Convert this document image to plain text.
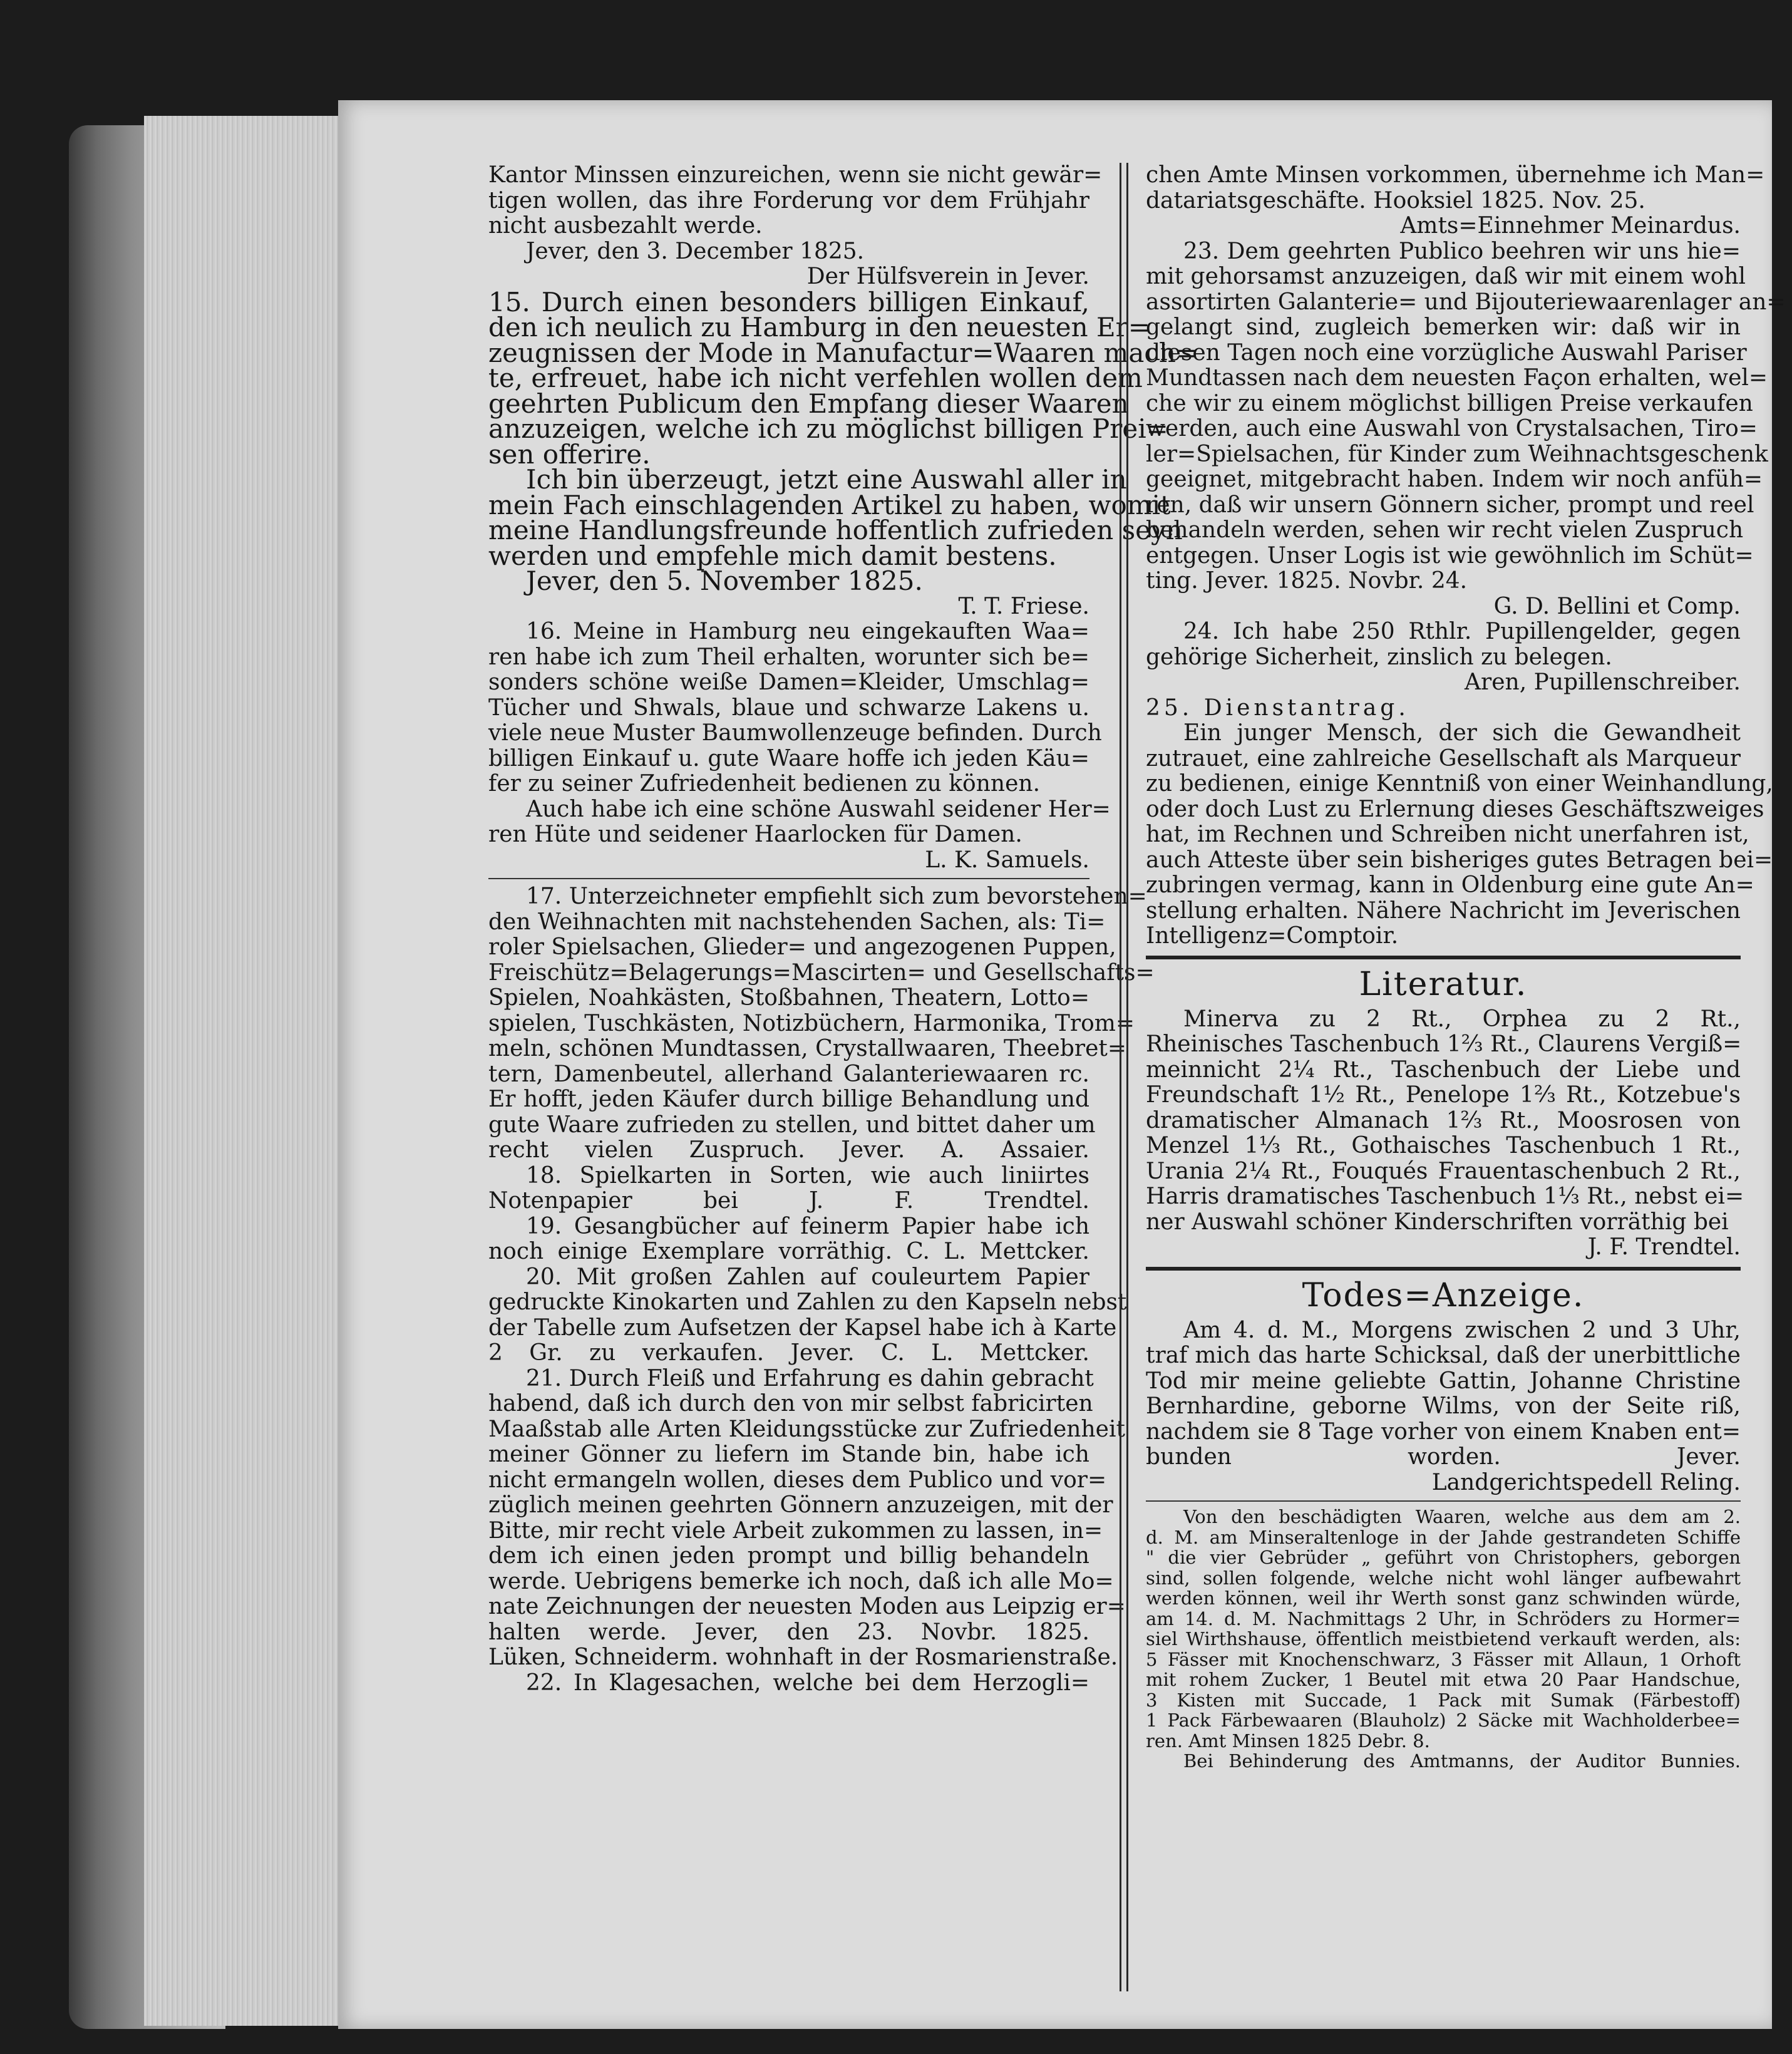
Kantor Minssen einzureichen, wenn sie nicht gewär=
tigen wollen, das ihre Forderung vor dem Frühjahr
nicht ausbezahlt werde.
Jever, den 3. December 1825.
Der Hülfsverein in Jever.
15. Durch einen besonders billigen Einkauf,
den ich neulich zu Hamburg in den neuesten Er=
zeugnissen der Mode in Manufactur=Waaren mach=
te, erfreuet, habe ich nicht verfehlen wollen dem
geehrten Publicum den Empfang dieser Waaren
anzuzeigen, welche ich zu möglichst billigen Prei=
sen offerire.
Ich bin überzeugt, jetzt eine Auswahl aller in
mein Fach einschlagenden Artikel zu haben, womit
meine Handlungsfreunde hoffentlich zufrieden seyn
werden und empfehle mich damit bestens.
Jever, den 5. November 1825.
T. T. Friese.
16. Meine in Hamburg neu eingekauften Waa=
ren habe ich zum Theil erhalten, worunter sich be=
sonders schöne weiße Damen=Kleider, Umschlag=
Tücher und Shwals, blaue und schwarze Lakens u.
viele neue Muster Baumwollenzeuge befinden. Durch
billigen Einkauf u. gute Waare hoffe ich jeden Käu=
fer zu seiner Zufriedenheit bedienen zu können.
Auch habe ich eine schöne Auswahl seidener Her=
ren Hüte und seidener Haarlocken für Damen.
L. K. Samuels.
17. Unterzeichneter empfiehlt sich zum bevorstehen=
den Weihnachten mit nachstehenden Sachen, als: Ti=
roler Spielsachen, Glieder= und angezogenen Puppen,
Freischütz=Belagerungs=Mascirten= und Gesellschafts=
Spielen, Noahkästen, Stoßbahnen, Theatern, Lotto=
spielen, Tuschkästen, Notizbüchern, Harmonika, Trom=
meln, schönen Mundtassen, Crystallwaaren, Theebret=
tern, Damenbeutel, allerhand Galanteriewaaren rc.
Er hofft, jeden Käufer durch billige Behandlung und
gute Waare zufrieden zu stellen, und bittet daher um
recht vielen Zuspruch. Jever. A. Assaier.
18. Spielkarten in Sorten, wie auch liniirtes
Notenpapier bei J. F. Trendtel.
19. Gesangbücher auf feinerm Papier habe ich
noch einige Exemplare vorräthig. C. L. Mettcker.
20. Mit großen Zahlen auf couleurtem Papier
gedruckte Kinokarten und Zahlen zu den Kapseln nebst
der Tabelle zum Aufsetzen der Kapsel habe ich à Karte
2 Gr. zu verkaufen. Jever. C. L. Mettcker.
21. Durch Fleiß und Erfahrung es dahin gebracht
habend, daß ich durch den von mir selbst fabricirten
Maaßstab alle Arten Kleidungsstücke zur Zufriedenheit
meiner Gönner zu liefern im Stande bin, habe ich
nicht ermangeln wollen, dieses dem Publico und vor=
züglich meinen geehrten Gönnern anzuzeigen, mit der
Bitte, mir recht viele Arbeit zukommen zu lassen, in=
dem ich einen jeden prompt und billig behandeln
werde. Uebrigens bemerke ich noch, daß ich alle Mo=
nate Zeichnungen der neuesten Moden aus Leipzig er=
halten werde. Jever, den 23. Novbr. 1825.
Lüken, Schneiderm. wohnhaft in der Rosmarienstraße.
22. In Klagesachen, welche bei dem Herzogli=
chen Amte Minsen vorkommen, übernehme ich Man=
datariatsgeschäfte. Hooksiel 1825. Nov. 25.
Amts=Einnehmer Meinardus.
23. Dem geehrten Publico beehren wir uns hie=
mit gehorsamst anzuzeigen, daß wir mit einem wohl
assortirten Galanterie= und Bijouteriewaarenlager an=
gelangt sind, zugleich bemerken wir: daß wir in
diesen Tagen noch eine vorzügliche Auswahl Pariser
Mundtassen nach dem neuesten Façon erhalten, wel=
che wir zu einem möglichst billigen Preise verkaufen
werden, auch eine Auswahl von Crystalsachen, Tiro=
ler=Spielsachen, für Kinder zum Weihnachtsgeschenk
geeignet, mitgebracht haben. Indem wir noch anfüh=
ren, daß wir unsern Gönnern sicher, prompt und reel
behandeln werden, sehen wir recht vielen Zuspruch
entgegen. Unser Logis ist wie gewöhnlich im Schüt=
ting. Jever. 1825. Novbr. 24.
G. D. Bellini et Comp.
24. Ich habe 250 Rthlr. Pupillengelder, gegen
gehörige Sicherheit, zinslich zu belegen.
Aren, Pupillenschreiber.
25. Dienstantrag.
Ein junger Mensch, der sich die Gewandheit
zutrauet, eine zahlreiche Gesellschaft als Marqueur
zu bedienen, einige Kenntniß von einer Weinhandlung,
oder doch Lust zu Erlernung dieses Geschäftszweiges
hat, im Rechnen und Schreiben nicht unerfahren ist,
auch Atteste über sein bisheriges gutes Betragen bei=
zubringen vermag, kann in Oldenburg eine gute An=
stellung erhalten. Nähere Nachricht im Jeverischen
Intelligenz=Comptoir.
Literatur.
Minerva zu 2 Rt., Orphea zu 2 Rt.,
Rheinisches Taschenbuch 1⅔ Rt., Claurens Vergiß=
meinnicht 2¼ Rt., Taschenbuch der Liebe und
Freundschaft 1½ Rt., Penelope 1⅔ Rt., Kotzebue's
dramatischer Almanach 1⅔ Rt., Moosrosen von
Menzel 1⅓ Rt., Gothaisches Taschenbuch 1 Rt.,
Urania 2¼ Rt., Fouqués Frauentaschenbuch 2 Rt.,
Harris dramatisches Taschenbuch 1⅓ Rt., nebst ei=
ner Auswahl schöner Kinderschriften vorräthig bei
J. F. Trendtel.
Todes=Anzeige.
Am 4. d. M., Morgens zwischen 2 und 3 Uhr,
traf mich das harte Schicksal, daß der unerbittliche
Tod mir meine geliebte Gattin, Johanne Christine
Bernhardine, geborne Wilms, von der Seite riß,
nachdem sie 8 Tage vorher von einem Knaben ent=
bunden worden. Jever.
Landgerichtspedell Reling.
Von den beschädigten Waaren, welche aus dem am 2.
d. M. am Minseraltenloge in der Jahde gestrandeten Schiffe
" die vier Gebrüder „ geführt von Christophers, geborgen
sind, sollen folgende, welche nicht wohl länger aufbewahrt
werden können, weil ihr Werth sonst ganz schwinden würde,
am 14. d. M. Nachmittags 2 Uhr, in Schröders zu Hormer=
siel Wirthshause, öffentlich meistbietend verkauft werden, als:
5 Fässer mit Knochenschwarz, 3 Fässer mit Allaun, 1 Orhoft
mit rohem Zucker, 1 Beutel mit etwa 20 Paar Handschue,
3 Kisten mit Succade, 1 Pack mit Sumak (Färbestoff)
1 Pack Färbewaaren (Blauholz) 2 Säcke mit Wachholderbee=
ren. Amt Minsen 1825 Debr. 8.
Bei Behinderung des Amtmanns, der Auditor Bunnies.
